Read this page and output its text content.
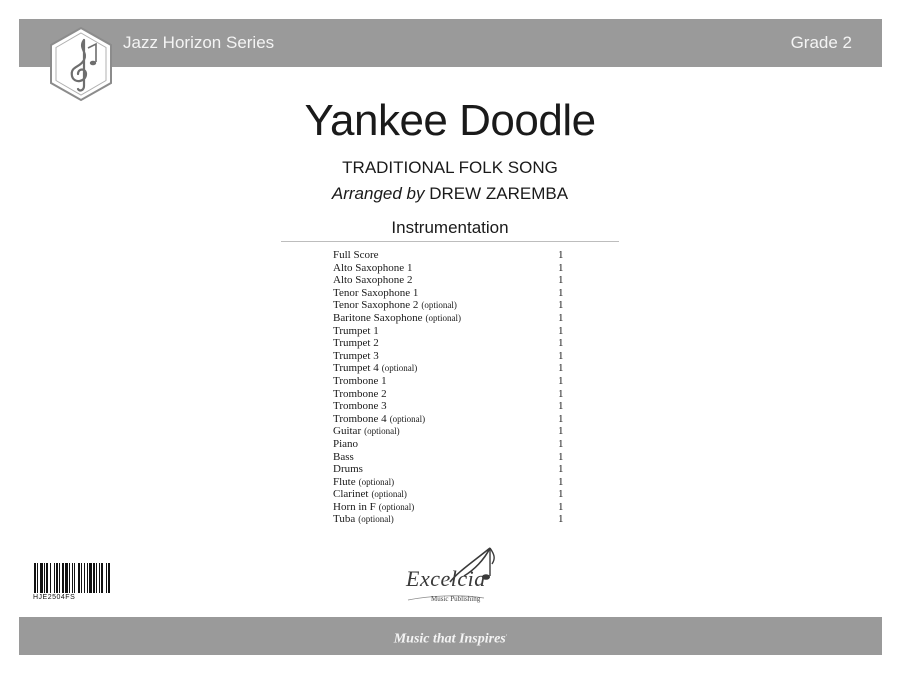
Jazz Horizon Series	Grade 2
Yankee Doodle
TRADITIONAL FOLK SONG
Arranged by DREW ZAREMBA
Instrumentation
Full Score	1
Alto Saxophone 1	1
Alto Saxophone 2	1
Tenor Saxophone 1	1
Tenor Saxophone 2 (optional)	1
Baritone Saxophone (optional)	1
Trumpet 1	1
Trumpet 2	1
Trumpet 3	1
Trumpet 4 (optional)	1
Trombone 1	1
Trombone 2	1
Trombone 3	1
Trombone 4 (optional)	1
Guitar (optional)	1
Piano	1
Bass	1
Drums	1
Flute (optional)	1
Clarinet (optional)	1
Horn in F (optional)	1
Tuba (optional)	1
HJE2504FS
Excelcia
Music Publishing
Music that Inspires·
